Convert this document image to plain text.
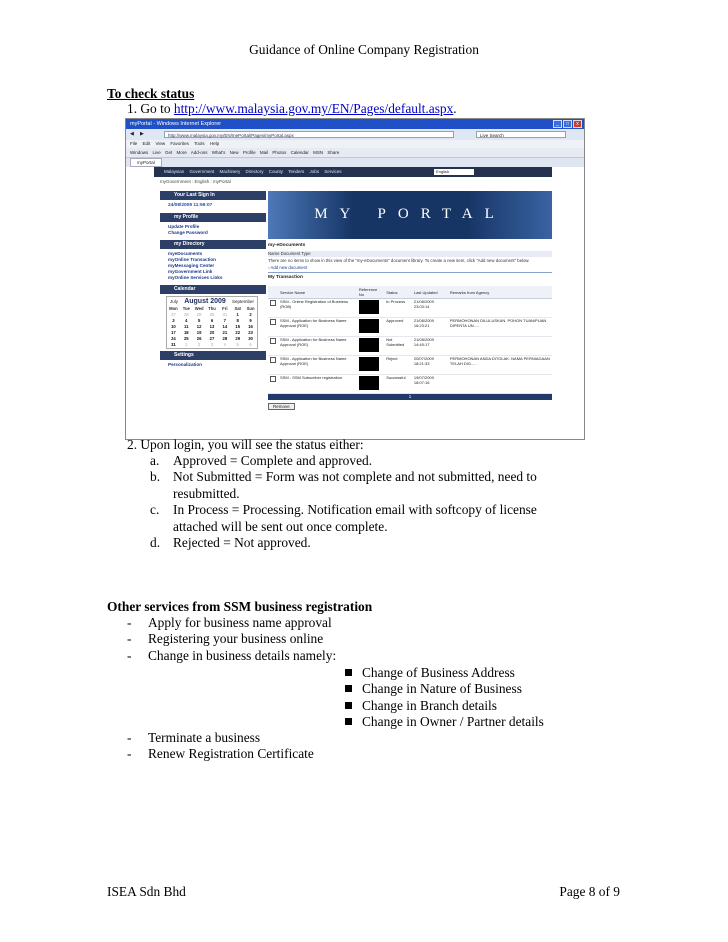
Guidance of Online Company Registration
To check status
1. Go to http://www.malaysia.gov.my/EN/Pages/default.aspx.
myPortal - Windows Internet Explorer	_	□	x
◀ ▶	http://www.malaysia.gov.my/EN/mePortal/Pages/myPortal.aspx	Live Search
File Edit View Favorites Tools Help
Windows Live Get More Add-ons What's New Profile Mail Photos Calendar MSN Share
myPortal
Malaysian Government Machinery Directory County Tenders Jobs Services	English
myGovernment : English : myPortal
Your Last Sign In
24/08/2009 11:59:07
my Profile
Update Profile
Change Password
my Directory
myeDocuments
myOnline Transaction
myMessaging Center
myGovernment Link
myOnline Services Links
Calendar
July August 2009 September
Mon	Tue	Wed	Thu	Fri	Sat	Sun
27	28	29	30	31	1	2
3	4	5	6	7	8	9
10	11	12	13	14	15	16
17	18	19	20	21	22	23
24	25	26	27	28	29	30
31	1	2	3	4	5	6
Settings
Personalization
MY PORTAL
my-eDocuments
Name Document Type
There are no items to show in this view of the "my-eDocuments" document library. To create a new item, click "Add new document" below.
▫ Add new document
My Transaction
	Service Name	Reference No	Status	Last Updated	Remarks from Agency
	SSM - Online Registration of Business (ROB)		In Process	21/08/2009 23:03:14	
	SSM - Application for Business Name Approval (ROE)		Approved	21/08/2009 16:23:21	PERMOHONAN DILULUSKAN. POHON TUAN/PUAN DIPENTA UN.....
	SSM - Application for Business Name Approval (ROE)		Not Submitted	21/08/2009 14:45:17	
	SSM - Application for Business Name Approval (ROE)		Reject	20/07/2009 18:21:33	PERMOHONAN ANDA DITOLAK. NAMA PERNIAGAAN TELAH DIG.....
	SSM - SSM Subscriber registration		Successful	19/07/2009 18:07:16	
1
Remove
2. Upon login, you will see the status either:
a.	Approved = Complete and approved.
b. Not Submitted = Form was not complete and not submitted, need to
resubmitted.
c.	In Process = Processing. Notification email with softcopy of license
attached will be sent out once complete.
d. Rejected = Not approved.
Other services from SSM business registration
- Apply for business name approval
- Registering your business online
- Change in business details namely:
Change of Business Address
Change in Nature of Business
Change in Branch details
Change in Owner / Partner details
- Terminate a business
- Renew Registration Certificate
ISEA Sdn Bhd	Page 8 of 9
